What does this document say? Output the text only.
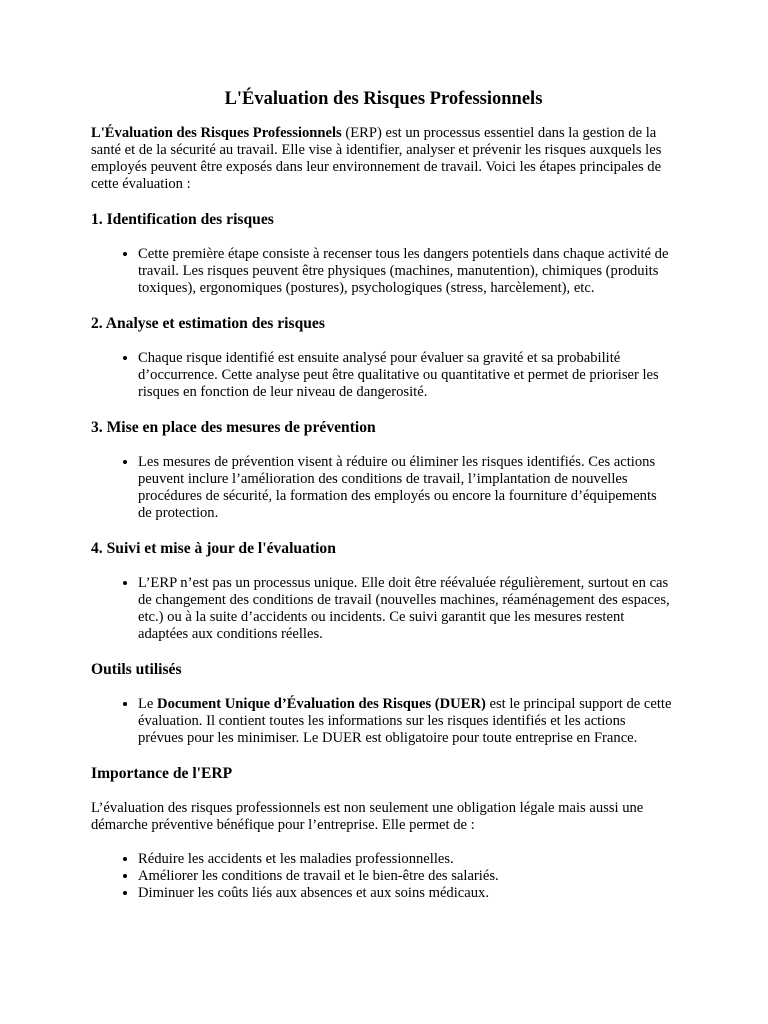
L'Évaluation des Risques Professionnels

L'Évaluation des Risques Professionnels (ERP) est un processus essentiel dans la gestion de la santé et de la sécurité au travail. Elle vise à identifier, analyser et prévenir les risques auxquels les employés peuvent être exposés dans leur environnement de travail. Voici les étapes principales de cette évaluation :

1. Identification des risques
• Cette première étape consiste à recenser tous les dangers potentiels dans chaque activité de travail. Les risques peuvent être physiques (machines, manutention), chimiques (produits toxiques), ergonomiques (postures), psychologiques (stress, harcèlement), etc.
2. Analyse et estimation des risques
• Chaque risque identifié est ensuite analysé pour évaluer sa gravité et sa probabilité d’occurrence. Cette analyse peut être qualitative ou quantitative et permet de prioriser les risques en fonction de leur niveau de dangerosité.
3. Mise en place des mesures de prévention
• Les mesures de prévention visent à réduire ou éliminer les risques identifiés. Ces actions peuvent inclure l’amélioration des conditions de travail, l’implantation de nouvelles procédures de sécurité, la formation des employés ou encore la fourniture d’équipements de protection.
4. Suivi et mise à jour de l'évaluation
• L’ERP n’est pas un processus unique. Elle doit être réévaluée régulièrement, surtout en cas de changement des conditions de travail (nouvelles machines, réaménagement des espaces, etc.) ou à la suite d’accidents ou incidents. Ce suivi garantit que les mesures restent adaptées aux conditions réelles.
Outils utilisés
• Le Document Unique d’Évaluation des Risques (DUER) est le principal support de cette évaluation. Il contient toutes les informations sur les risques identifiés et les actions prévues pour les minimiser. Le DUER est obligatoire pour toute entreprise en France.
Importance de l'ERP

L’évaluation des risques professionnels est non seulement une obligation légale mais aussi une démarche préventive bénéfique pour l’entreprise. Elle permet de :

• Réduire les accidents et les maladies professionnelles.
• Améliorer les conditions de travail et le bien-être des salariés.
• Diminuer les coûts liés aux absences et aux soins médicaux.
